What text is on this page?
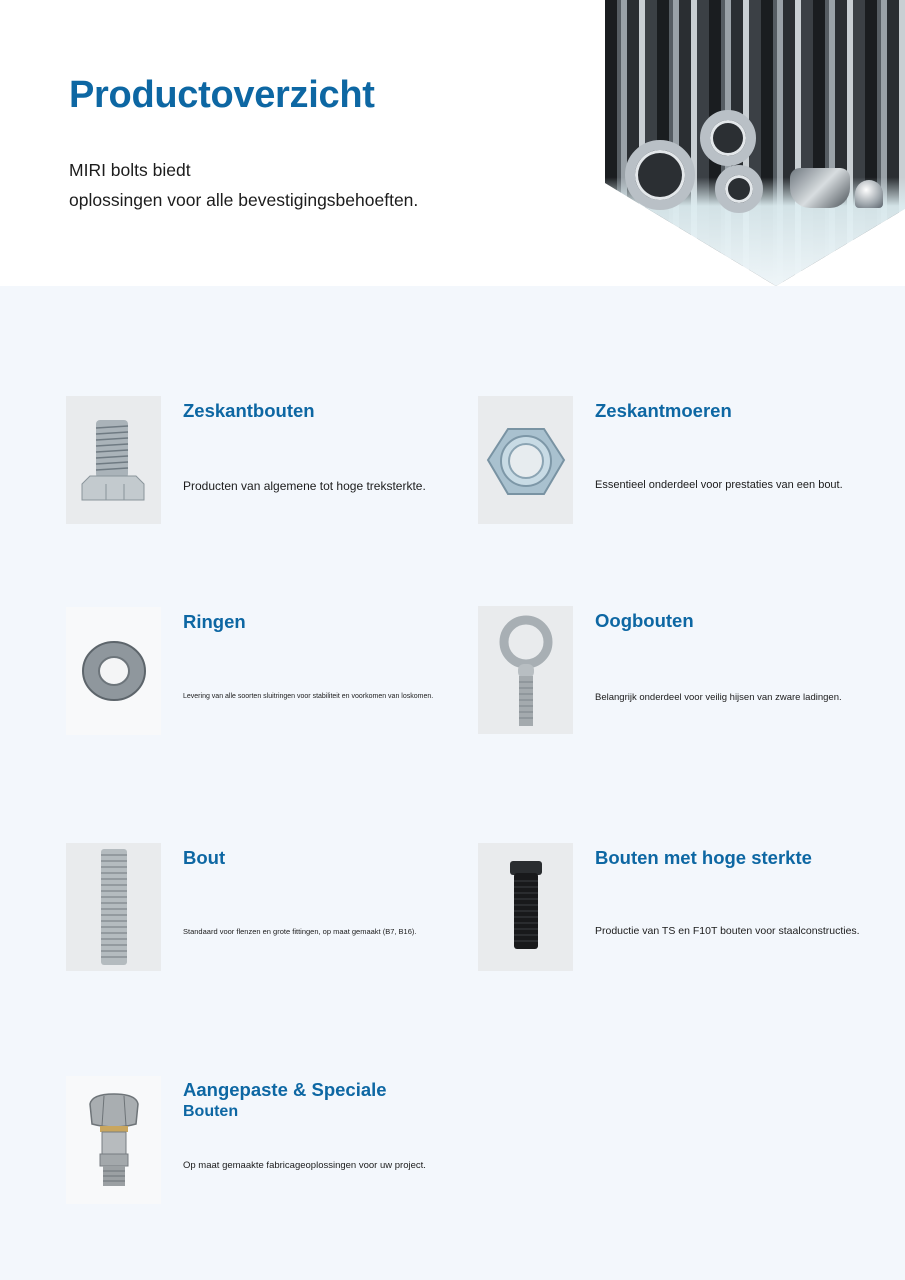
Productoverzicht

MIRI bolts biedt
oplossingen voor alle bevestigingsbehoeften.

Zeskantbouten
Producten van algemene tot hoge treksterkte.
Zeskantmoeren
Essentieel onderdeel voor prestaties van een bout.
Ringen
Levering van alle soorten sluitringen voor stabiliteit en voorkomen van loskomen.
Oogbouten
Belangrijk onderdeel voor veilig hijsen van zware ladingen.
Bout
Standaard voor flenzen en grote fittingen, op maat gemaakt (B7, B16).
Bouten met hoge sterkte
Productie van TS en F10T bouten voor staalconstructies.
Aangepaste & Speciale
Bouten
Op maat gemaakte fabricageoplossingen voor uw project.
